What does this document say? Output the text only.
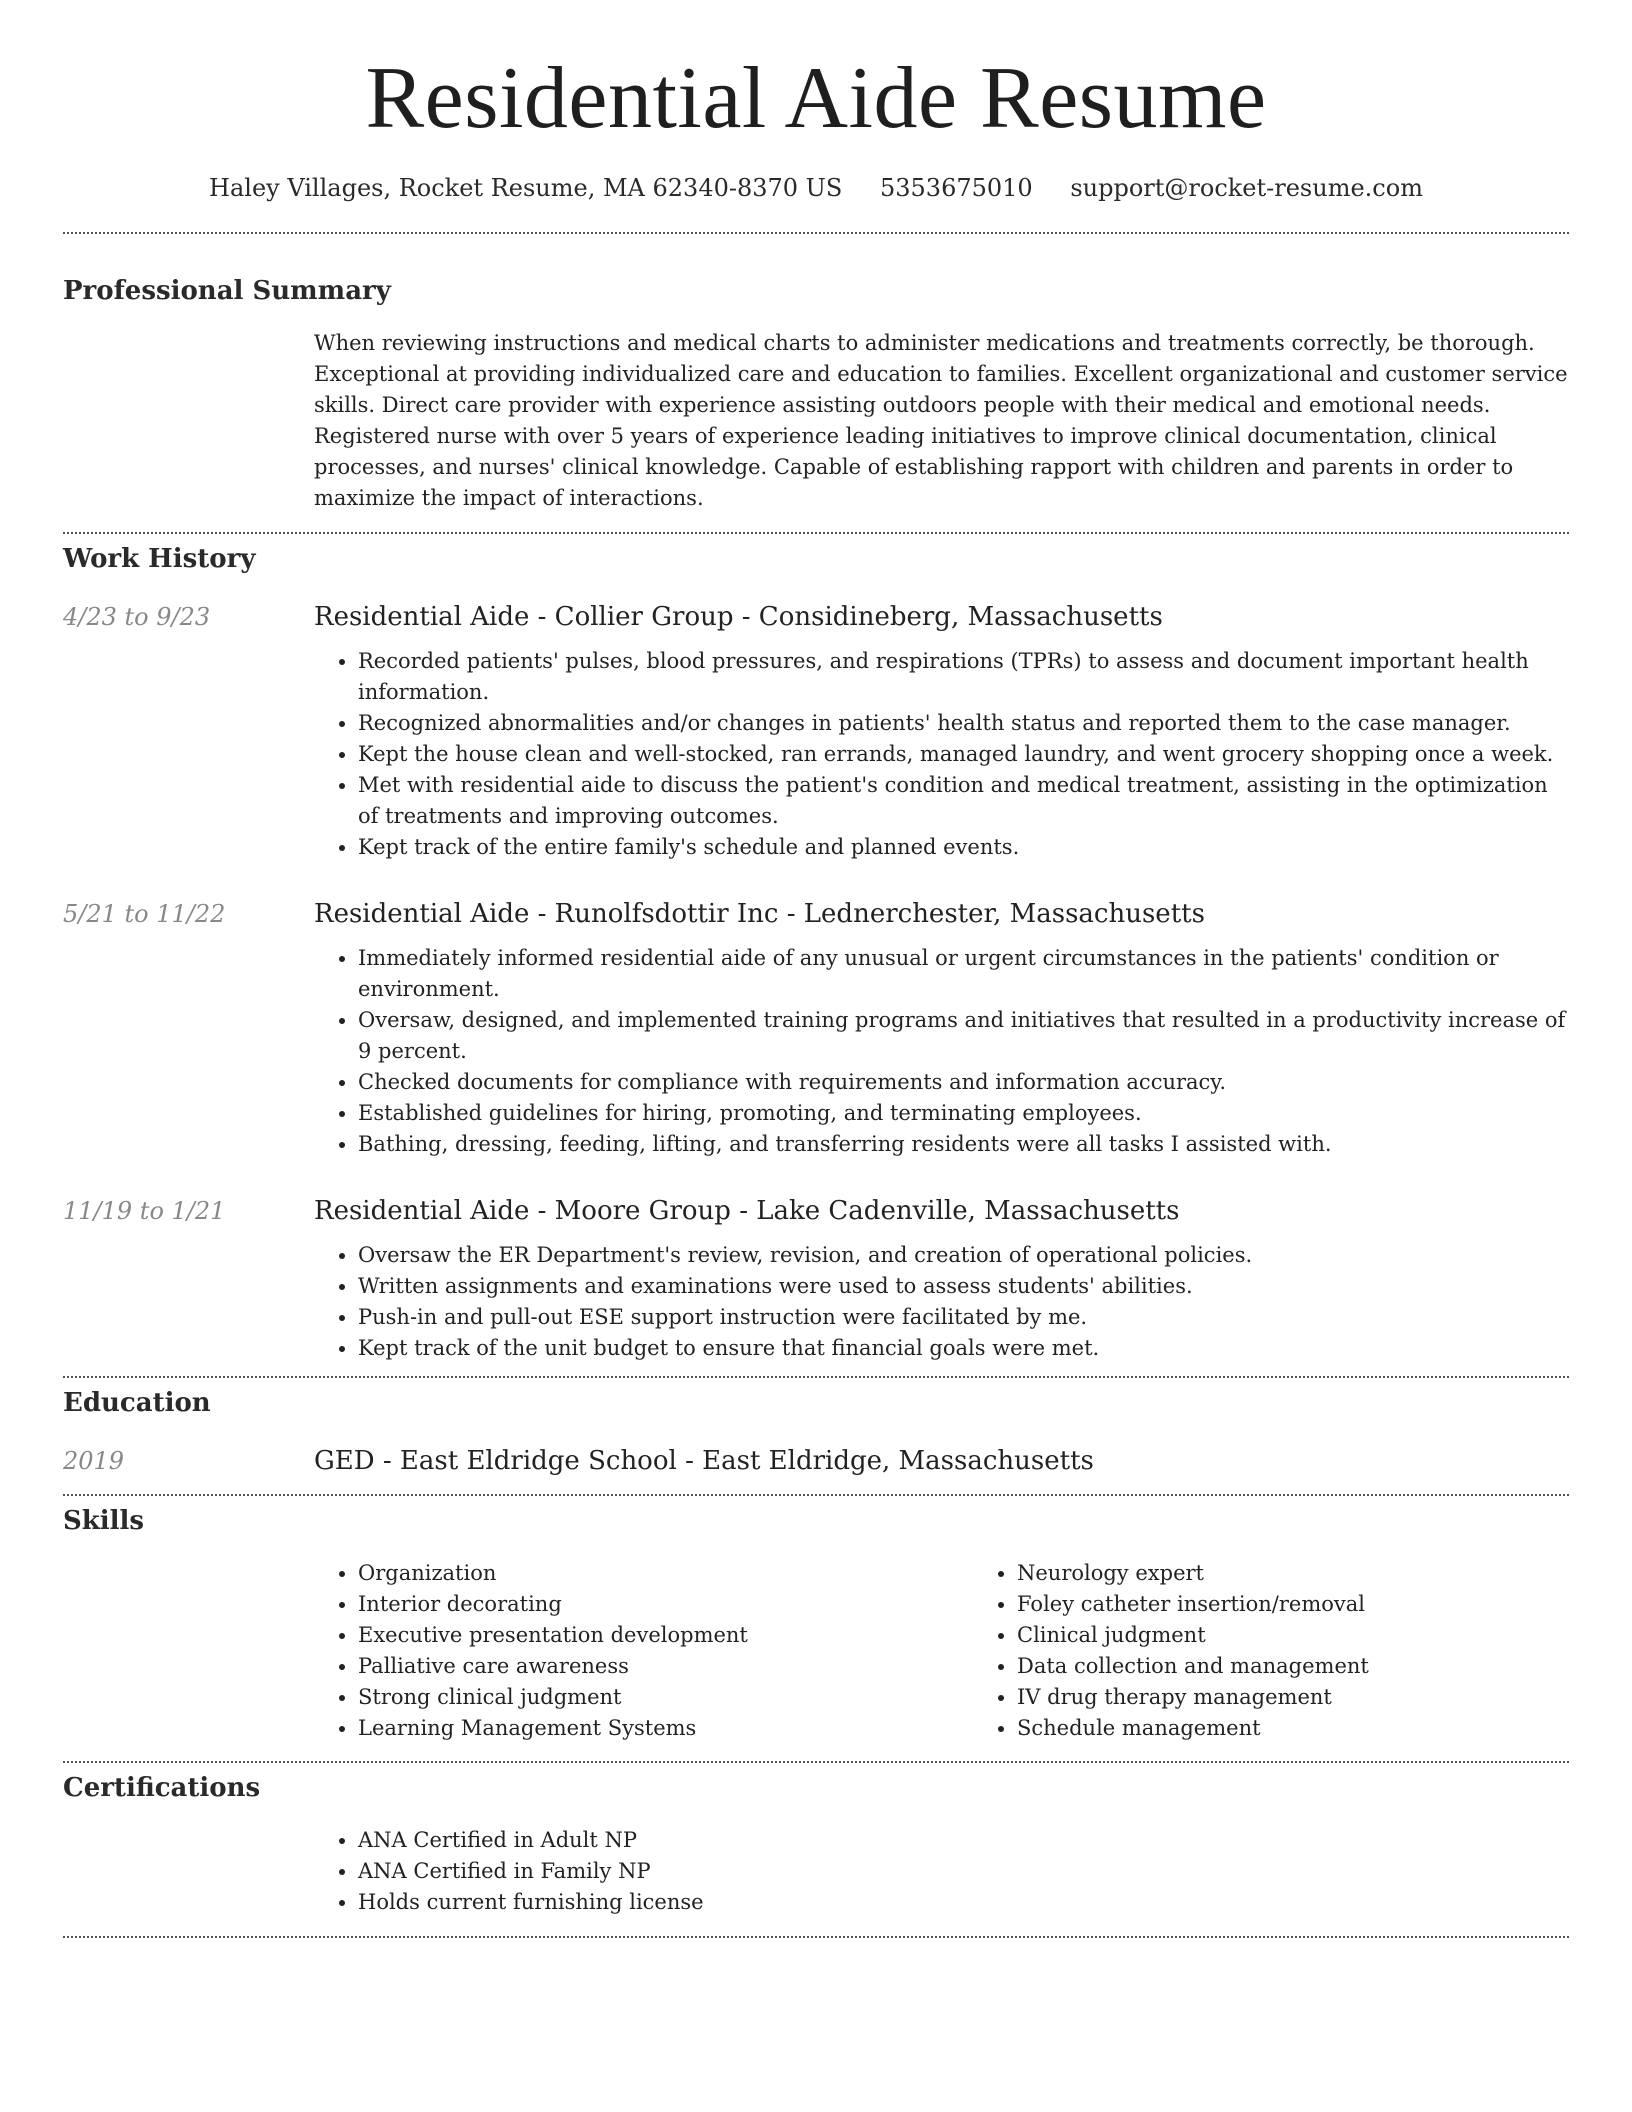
Residential Aide Resume
Haley Villages, Rocket Resume, MA 62340-8370 US 5353675010 support@rocket-resume.com
Professional Summary

When reviewing instructions and medical charts to administer medications and treatments correctly, be thorough. Exceptional at providing individualized care and education to families. Excellent organizational and customer service skills. Direct care provider with experience assisting outdoors people with their medical and emotional needs. Registered nurse with over 5 years of experience leading initiatives to improve clinical documentation, clinical processes, and nurses' clinical knowledge. Capable of establishing rapport with children and parents in order to maximize the impact of interactions.

Work History
4/23 to 9/23	Residential Aide - Collier Group - Considineberg, Massachusetts
• Recorded patients' pulses, blood pressures, and respirations (TPRs) to assess and document important health information.
• Recognized abnormalities and/or changes in patients' health status and reported them to the case manager.
• Kept the house clean and well-stocked, ran errands, managed laundry, and went grocery shopping once a week.
• Met with residential aide to discuss the patient's condition and medical treatment, assisting in the optimization of treatments and improving outcomes.
• Kept track of the entire family's schedule and planned events.
5/21 to 11/22	Residential Aide - Runolfsdottir Inc - Lednerchester, Massachusetts
• Immediately informed residential aide of any unusual or urgent circumstances in the patients' condition or environment.
• Oversaw, designed, and implemented training programs and initiatives that resulted in a productivity increase of 9 percent.
• Checked documents for compliance with requirements and information accuracy.
• Established guidelines for hiring, promoting, and terminating employees.
• Bathing, dressing, feeding, lifting, and transferring residents were all tasks I assisted with.
11/19 to 1/21	Residential Aide - Moore Group - Lake Cadenville, Massachusetts
• Oversaw the ER Department's review, revision, and creation of operational policies.
• Written assignments and examinations were used to assess students' abilities.
• Push-in and pull-out ESE support instruction were facilitated by me.
• Kept track of the unit budget to ensure that financial goals were met.
Education
2019	GED - East Eldridge School - East Eldridge, Massachusetts
Skills
• Organization
• Interior decorating
• Executive presentation development
• Palliative care awareness
• Strong clinical judgment
• Learning Management Systems
• Neurology expert
• Foley catheter insertion/removal
• Clinical judgment
• Data collection and management
• IV drug therapy management
• Schedule management
Certifications
• ANA Certified in Adult NP
• ANA Certified in Family NP
• Holds current furnishing license
